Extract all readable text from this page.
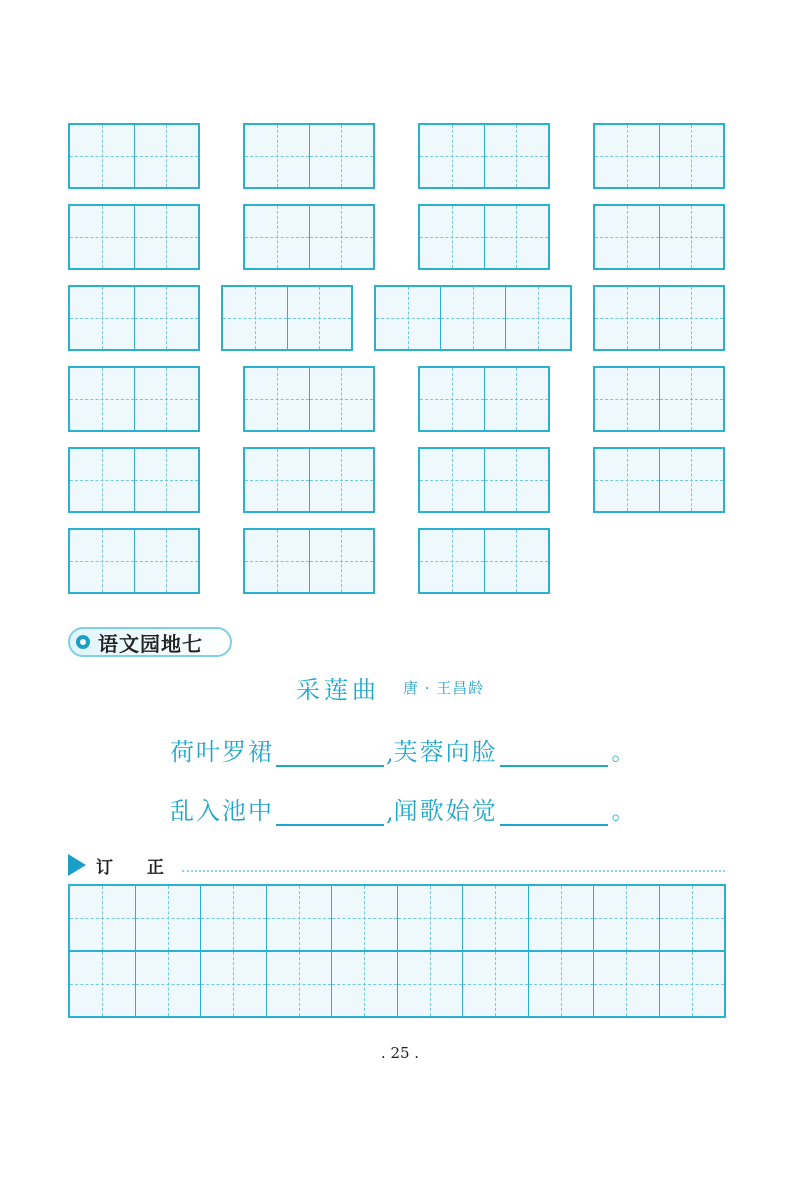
语文园地七
采莲曲 唐 · 王昌龄
荷叶罗裙	, 芙蓉向脸	。
乱入池中	, 闻歌始觉	。
订 正
. 25 .
